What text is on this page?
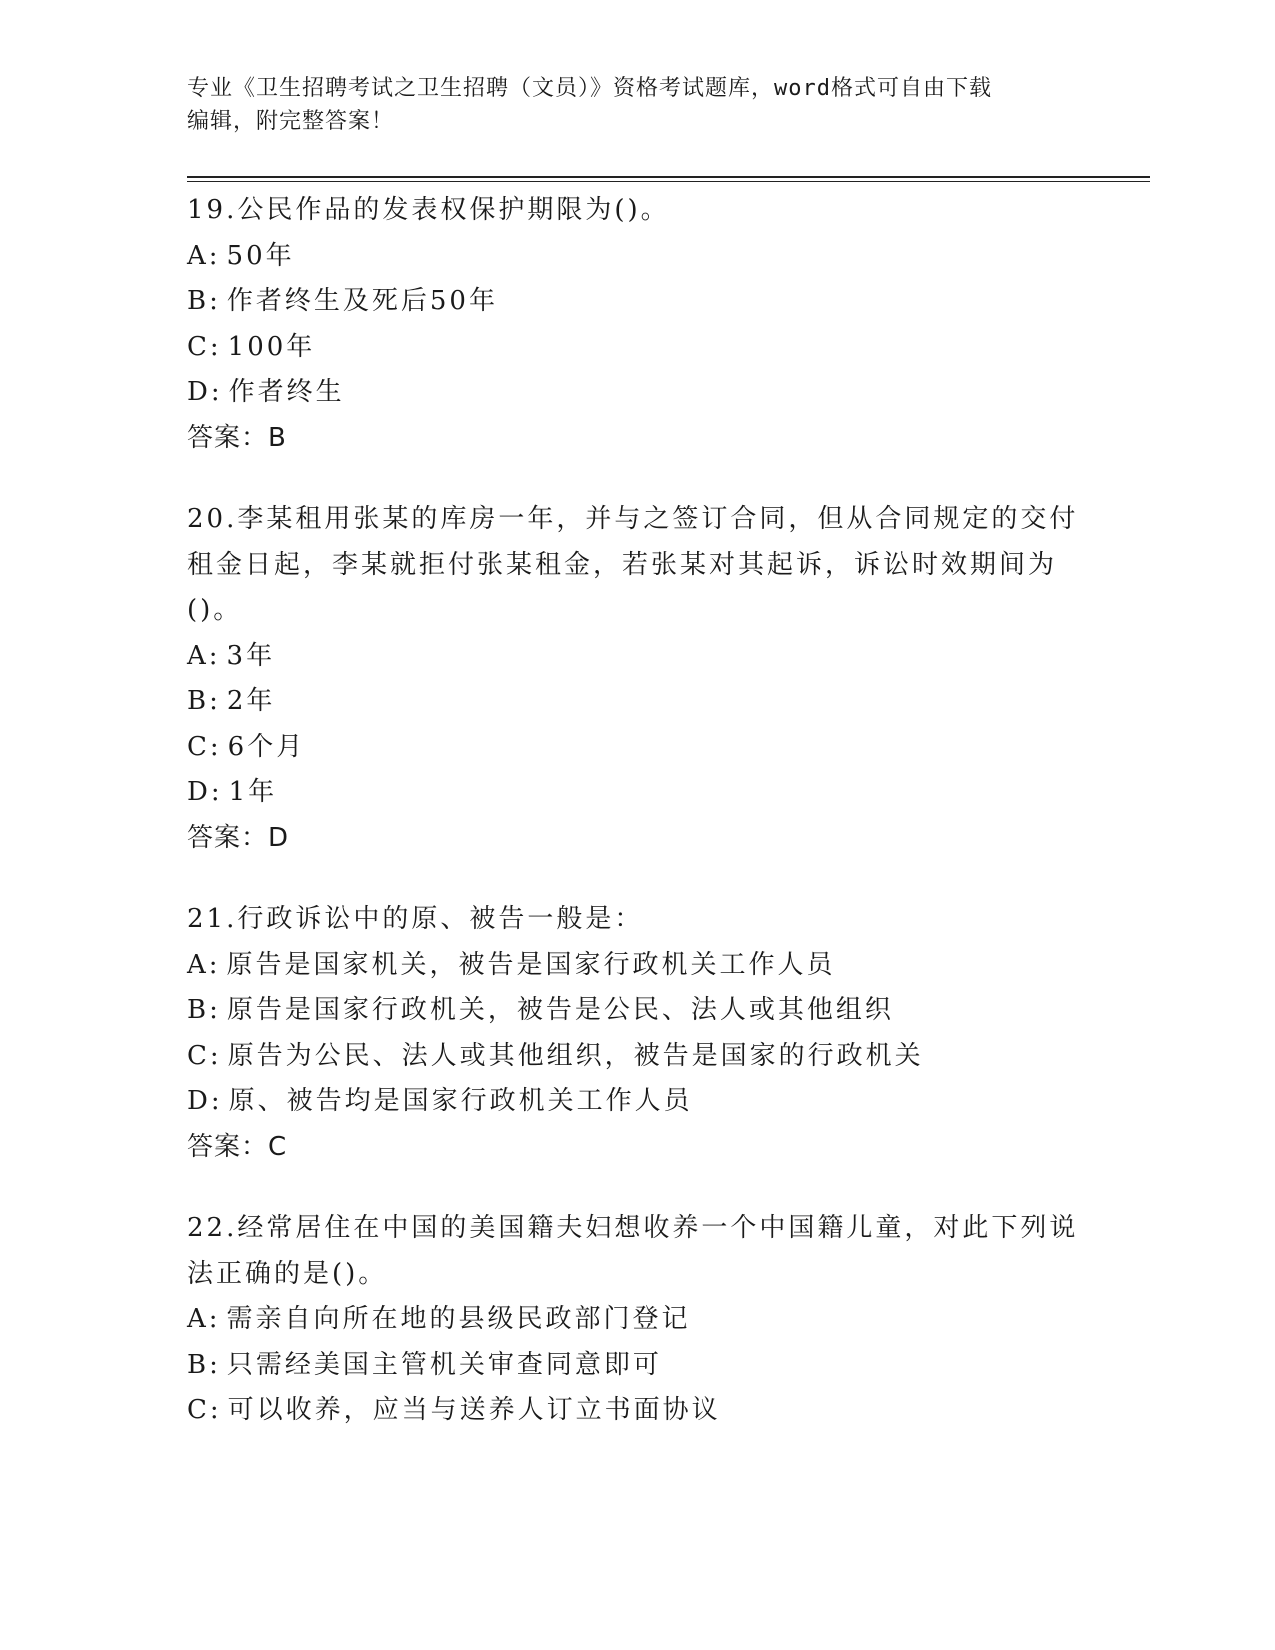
专业《卫生招聘考试之卫生招聘（文员）》资格考试题库，word格式可自由下载
编辑，附完整答案！
19.公民作品的发表权保护期限为()。
A: 50年
B: 作者终生及死后50年
C: 100年
D: 作者终生
答案：B
20.李某租用张某的库房一年，并与之签订合同，但从合同规定的交付租金日起，李某就拒付张某租金，若张某对其起诉，诉讼时效期间为()。
A: 3年
B: 2年
C: 6个月
D: 1年
答案：D
21.行政诉讼中的原、被告一般是：
A: 原告是国家机关，被告是国家行政机关工作人员
B: 原告是国家行政机关，被告是公民、法人或其他组织
C: 原告为公民、法人或其他组织，被告是国家的行政机关
D: 原、被告均是国家行政机关工作人员
答案：C
22.经常居住在中国的美国籍夫妇想收养一个中国籍儿童，对此下列说法正确的是()。
A: 需亲自向所在地的县级民政部门登记
B: 只需经美国主管机关审查同意即可
C: 可以收养，应当与送养人订立书面协议
